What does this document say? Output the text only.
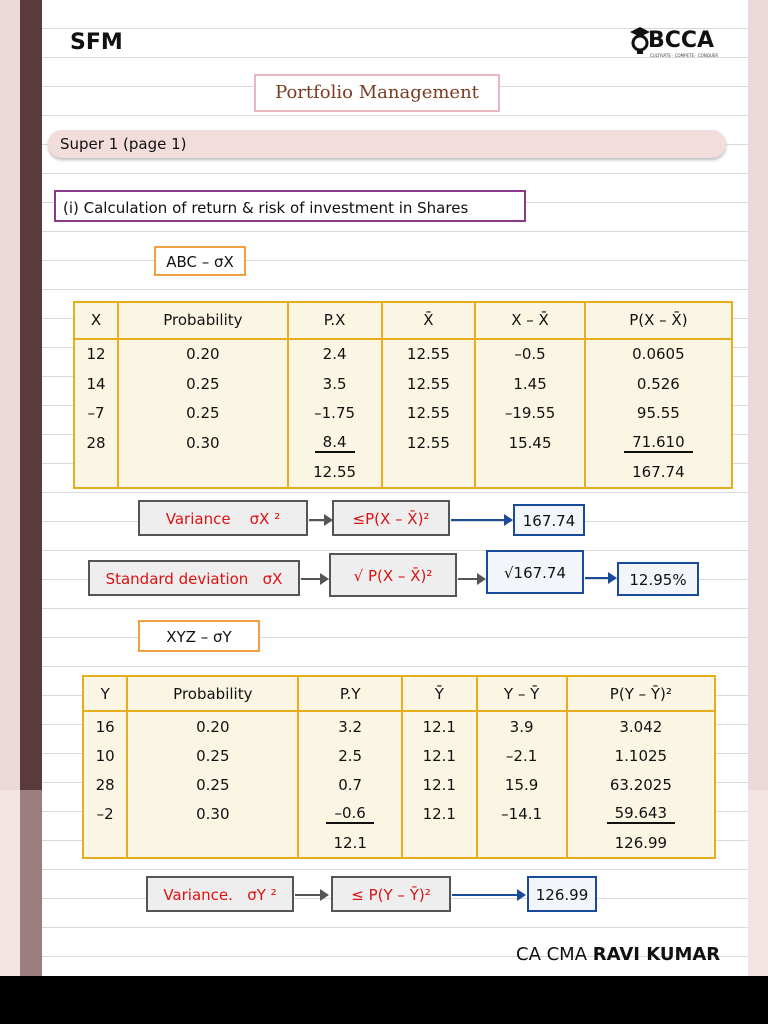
SFM	BCCA
CULTIVATE · COMPETE · CONQUER
Portfolio Management
Super 1 (page 1)
(i) Calculation of return & risk of investment in Shares
ABC – σX
X	Probability	P.X	X̄	X – X̄	P(X – X̄)
12	0.20	2.4	12.55	–0.5	0.0605
14	0.25	3.5	12.55	1.45	0.526
–7	0.25	–1.75	12.55	–19.55	95.55
28	0.30	8.4	12.55	15.45	71.610
		12.55			167.74
Variance σX ²	≤P(X – X̄)²	167.74
Standard deviation σX	√ P(X – X̄)²	√167.74	12.95%
XYZ – σY
Y	Probability	P.Y	Ȳ	Y – Ȳ	P(Y – Ȳ)²
16	0.20	3.2	12.1	3.9	3.042
10	0.25	2.5	12.1	–2.1	1.1025
28	0.25	0.7	12.1	15.9	63.2025
–2	0.30	–0.6	12.1	–14.1	59.643
		12.1			126.99
Variance. σY ²	≤ P(Y – Ȳ)²	126.99
CA CMA RAVI KUMAR
